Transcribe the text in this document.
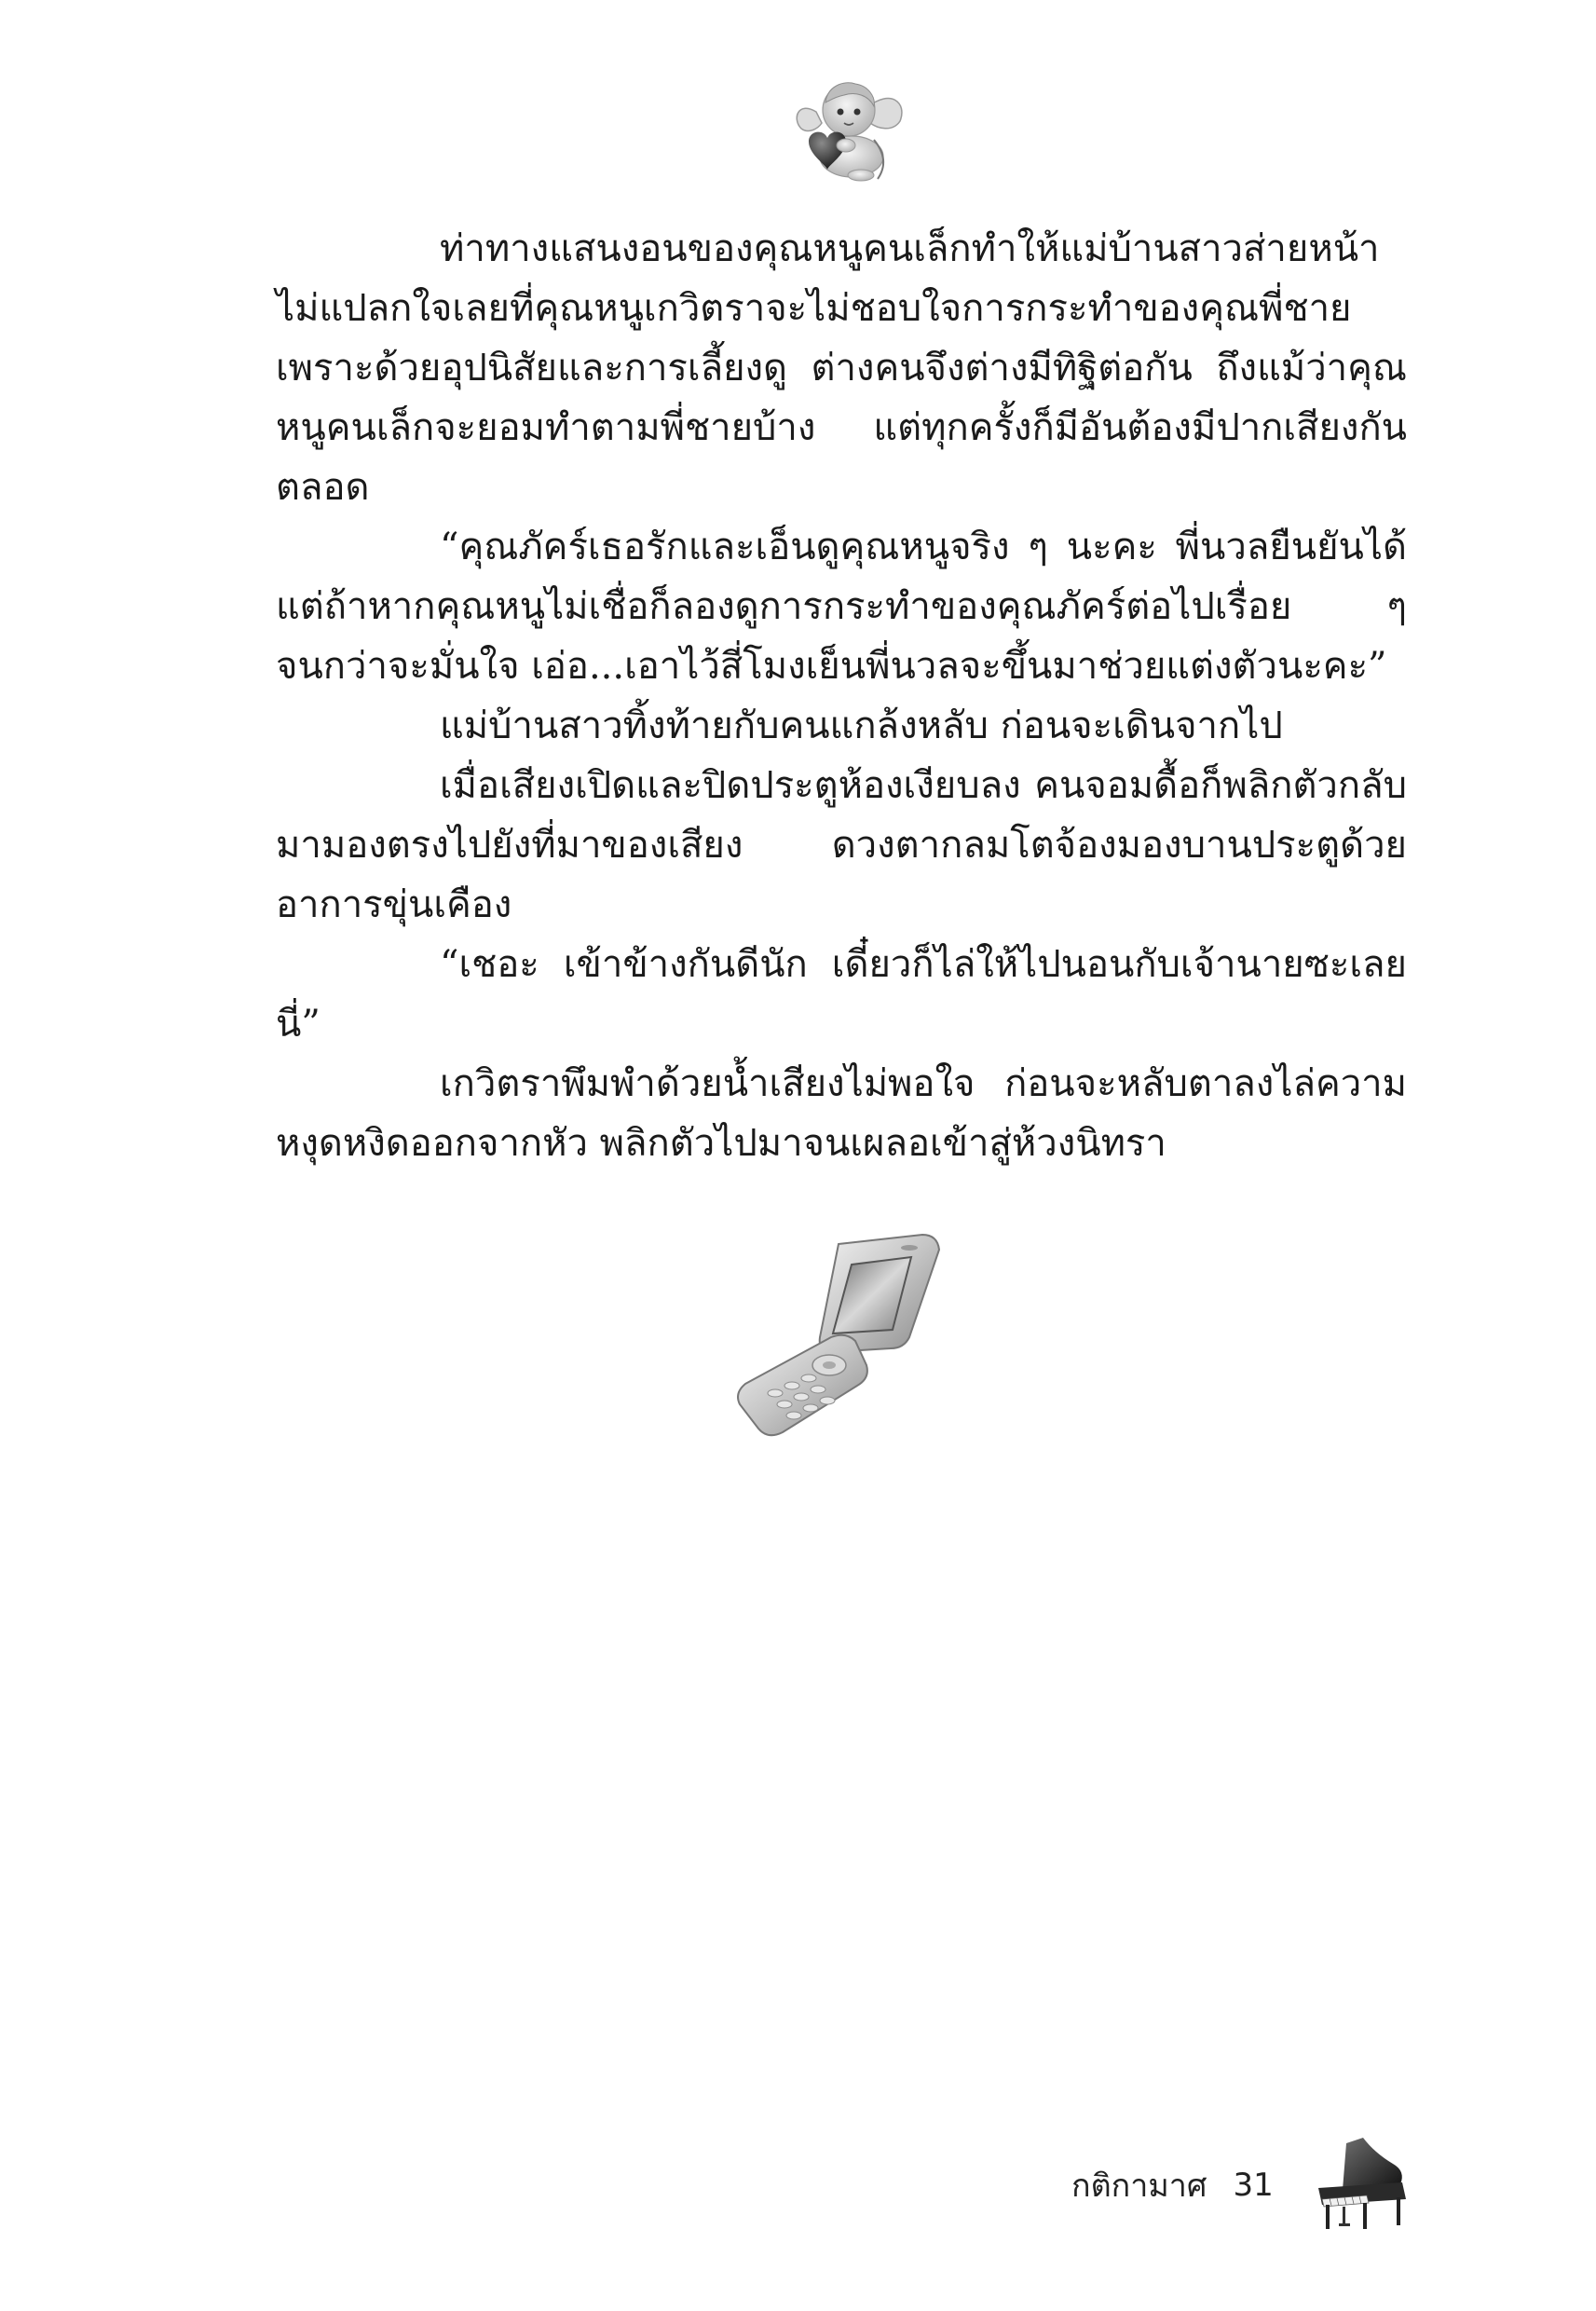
ท่าทางแสนงอนของคุณหนูคนเล็กทำให้แม่บ้านสาวส่ายหน้า ไม่แปลกใจเลยที่คุณหนูเกวิตราจะไม่ชอบใจการกระทำของคุณพี่ชาย เพราะด้วยอุปนิสัยและการเลี้ยงดู ต่างคนจึงต่างมีทิฐิต่อกัน ถึงแม้ว่าคุณหนูคนเล็กจะยอมทำตามพี่ชายบ้าง แต่ทุกครั้งก็มีอันต้องมีปากเสียงกันตลอด

“คุณภัคร์เธอรักและเอ็นดูคุณหนูจริง ๆ นะคะ พี่นวลยืนยันได้ แต่ถ้าหากคุณหนูไม่เชื่อก็ลองดูการกระทำของคุณภัคร์ต่อไปเรื่อย ๆ จนกว่าจะมั่นใจ เอ่อ...เอาไว้สี่โมงเย็นพี่นวลจะขึ้นมาช่วยแต่งตัวนะคะ”

แม่บ้านสาวทิ้งท้ายกับคนแกล้งหลับ ก่อนจะเดินจากไป

เมื่อเสียงเปิดและปิดประตูห้องเงียบลง คนจอมดื้อก็พลิกตัวกลับมามองตรงไปยังที่มาของเสียง ดวงตากลมโตจ้องมองบานประตูด้วยอาการขุ่นเคือง

“เชอะ เข้าข้างกันดีนัก เดี๋ยวก็ไล่ให้ไปนอนกับเจ้านายซะเลยนี่”

เกวิตราพึมพำด้วยน้ำเสียงไม่พอใจ ก่อนจะหลับตาลงไล่ความหงุดหงิดออกจากหัว พลิกตัวไปมาจนเผลอเข้าสู่ห้วงนิทรา

กติกามาศ 31
